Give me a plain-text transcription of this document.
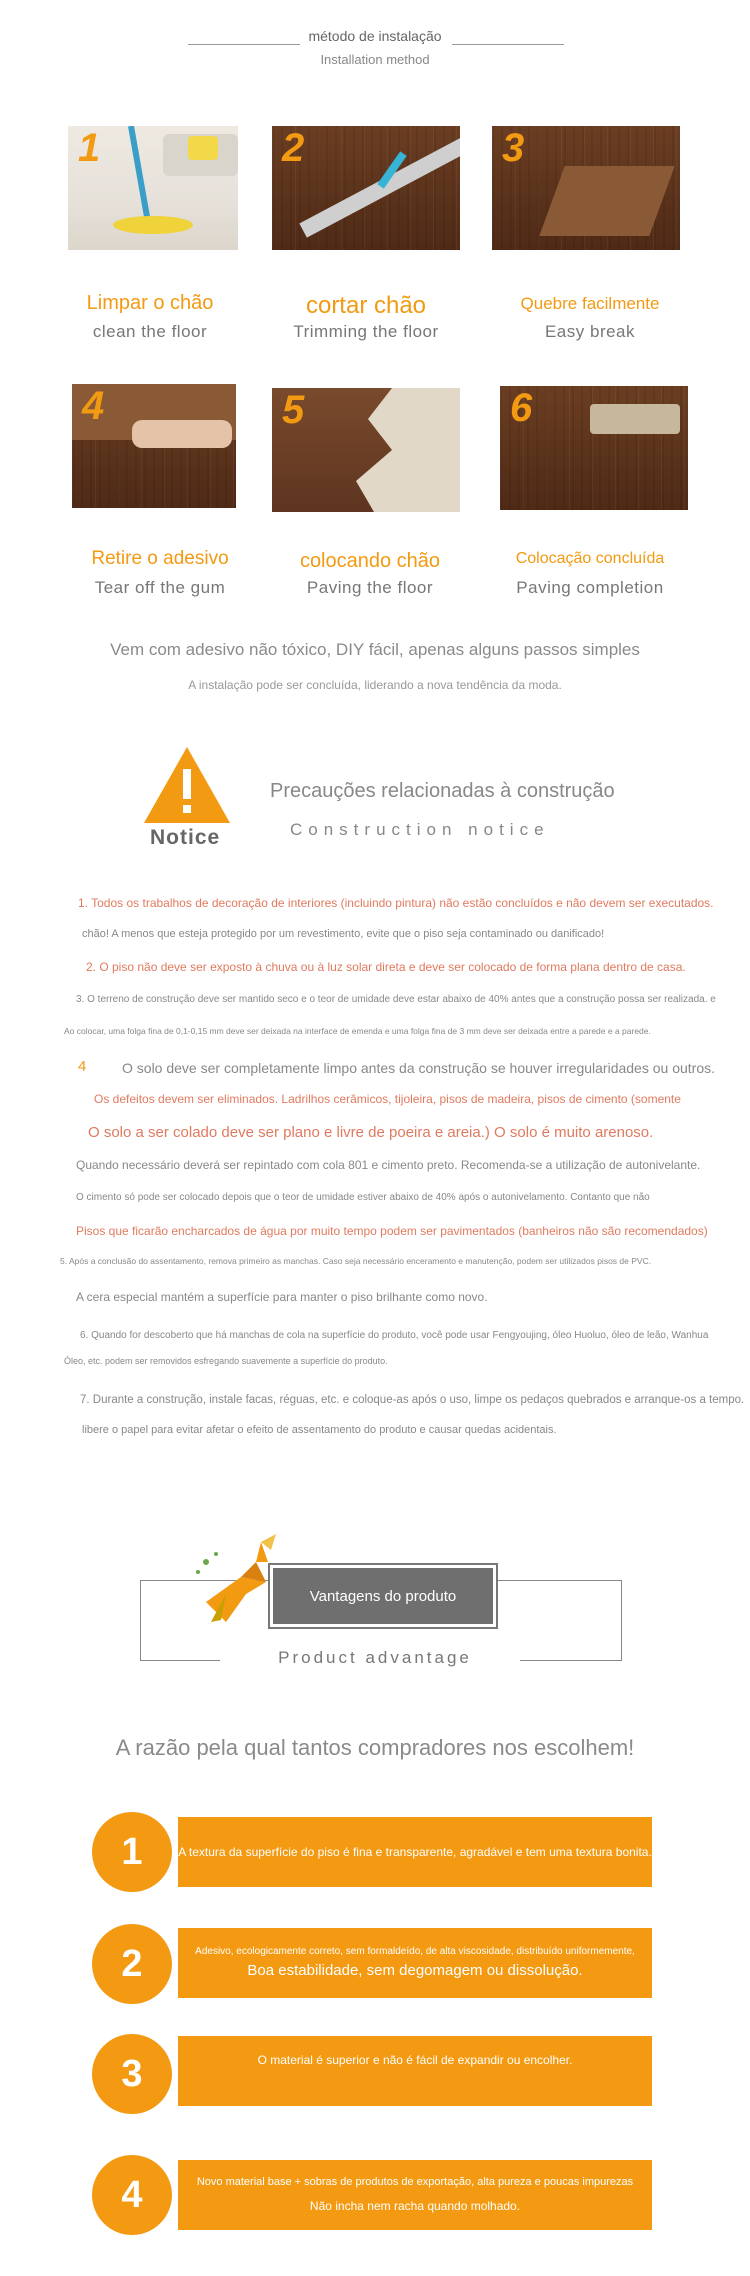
método de instalação
Installation method
1	2	3
Limpar o chão
clean the floor
cortar chão
Trimming the floor
Quebre facilmente
Easy break
4	5	6
Retire o adesivo
Tear off the gum
colocando chão
Paving the floor
Colocação concluída
Paving completion
Vem com adesivo não tóxico, DIY fácil, apenas alguns passos simples
A instalação pode ser concluída, liderando a nova tendência da moda.
Notice
Precauções relacionadas à construção
Construction notice
1. Todos os trabalhos de decoração de interiores (incluindo pintura) não estão concluídos e não devem ser executados.
chão! A menos que esteja protegido por um revestimento, evite que o piso seja contaminado ou danificado!
2. O piso não deve ser exposto à chuva ou à luz solar direta e deve ser colocado de forma plana dentro de casa.
3. O terreno de construção deve ser mantido seco e o teor de umidade deve estar abaixo de 40% antes que a construção possa ser realizada. e
Ao colocar, uma folga fina de 0,1-0,15 mm deve ser deixada na interface de emenda e uma folga fina de 3 mm deve ser deixada entre a parede e a parede.
4	O solo deve ser completamente limpo antes da construção se houver irregularidades ou outros.
Os defeitos devem ser eliminados. Ladrilhos cerâmicos, tijoleira, pisos de madeira, pisos de cimento (somente
O solo a ser colado deve ser plano e livre de poeira e areia.) O solo é muito arenoso.
Quando necessário deverá ser repintado com cola 801 e cimento preto. Recomenda-se a utilização de autonivelante.
O cimento só pode ser colocado depois que o teor de umidade estiver abaixo de 40% após o autonivelamento. Contanto que não
Pisos que ficarão encharcados de água por muito tempo podem ser pavimentados (banheiros não são recomendados)
5. Após a conclusão do assentamento, remova primeiro as manchas. Caso seja necessário enceramento e manutenção, podem ser utilizados pisos de PVC.
A cera especial mantém a superfície para manter o piso brilhante como novo.
6. Quando for descoberto que há manchas de cola na superfície do produto, você pode usar Fengyoujing, óleo Huoluo, óleo de leão, Wanhua
Óleo, etc. podem ser removidos esfregando suavemente a superfície do produto.
7. Durante a construção, instale facas, réguas, etc. e coloque-as após o uso, limpe os pedaços quebrados e arranque-os a tempo.
libere o papel para evitar afetar o efeito de assentamento do produto e causar quedas acidentais.
Vantagens do produto
Product advantage
A razão pela qual tantos compradores nos escolhem!
1	A textura da superfície do piso é fina e transparente, agradável e tem uma textura bonita.
2	Adesivo, ecologicamente correto, sem formaldeído, de alta viscosidade, distribuído uniformemente,
Boa estabilidade, sem degomagem ou dissolução.
3	O material é superior e não é fácil de expandir ou encolher.
4	Novo material base + sobras de produtos de exportação, alta pureza e poucas impurezas
Não incha nem racha quando molhado.
